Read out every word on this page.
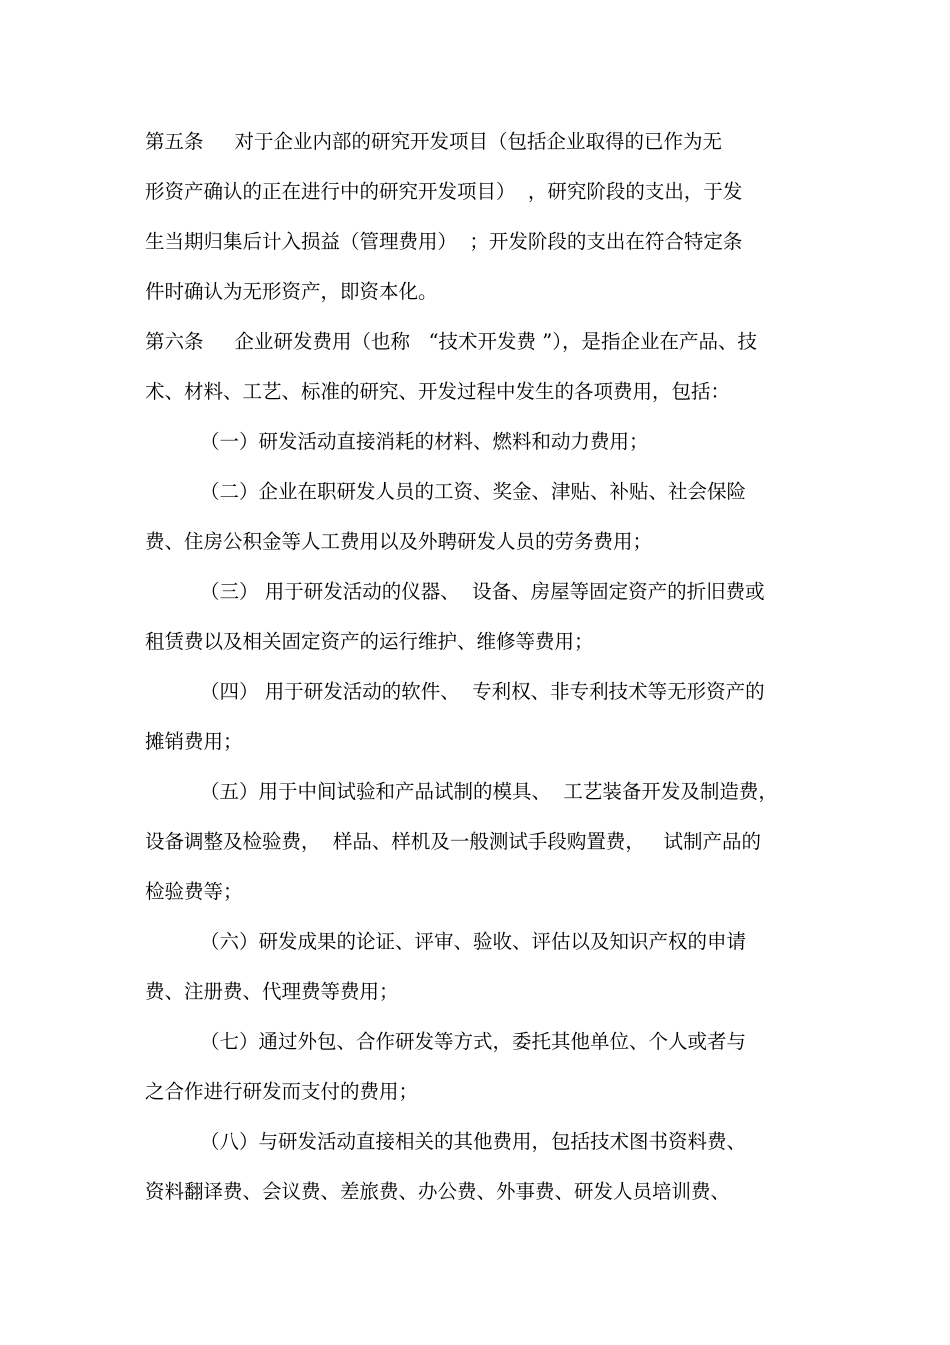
第五条     对于企业内部的研究开发项目（包括企业取得的已作为无
形资产确认的正在进行中的研究开发项目）  ，研究阶段的支出，于发
生当期归集后计入损益（管理费用）  ；开发阶段的支出在符合特定条
件时确认为无形资产，即资本化。
第六条     企业研发费用（也称   “技术开发费 ”），是指企业在产品、技
术、材料、工艺、标准的研究、开发过程中发生的各项费用，包括：
（一）研发活动直接消耗的材料、燃料和动力费用；
（二）企业在职研发人员的工资、奖金、津贴、补贴、社会保险
费、住房公积金等人工费用以及外聘研发人员的劳务费用；
（三） 用于研发活动的仪器、  设备、房屋等固定资产的折旧费或
租赁费以及相关固定资产的运行维护、维修等费用；
（四） 用于研发活动的软件、  专利权、非专利技术等无形资产的
摊销费用；
（五）用于中间试验和产品试制的模具、  工艺装备开发及制造费，
设备调整及检验费，  样品、样机及一般测试手段购置费，   试制产品的
检验费等；
（六）研发成果的论证、评审、验收、评估以及知识产权的申请
费、注册费、代理费等费用；
（七）通过外包、合作研发等方式，委托其他单位、个人或者与
之合作进行研发而支付的费用；
（八）与研发活动直接相关的其他费用，包括技术图书资料费、
资料翻译费、会议费、差旅费、办公费、外事费、研发人员培训费、
